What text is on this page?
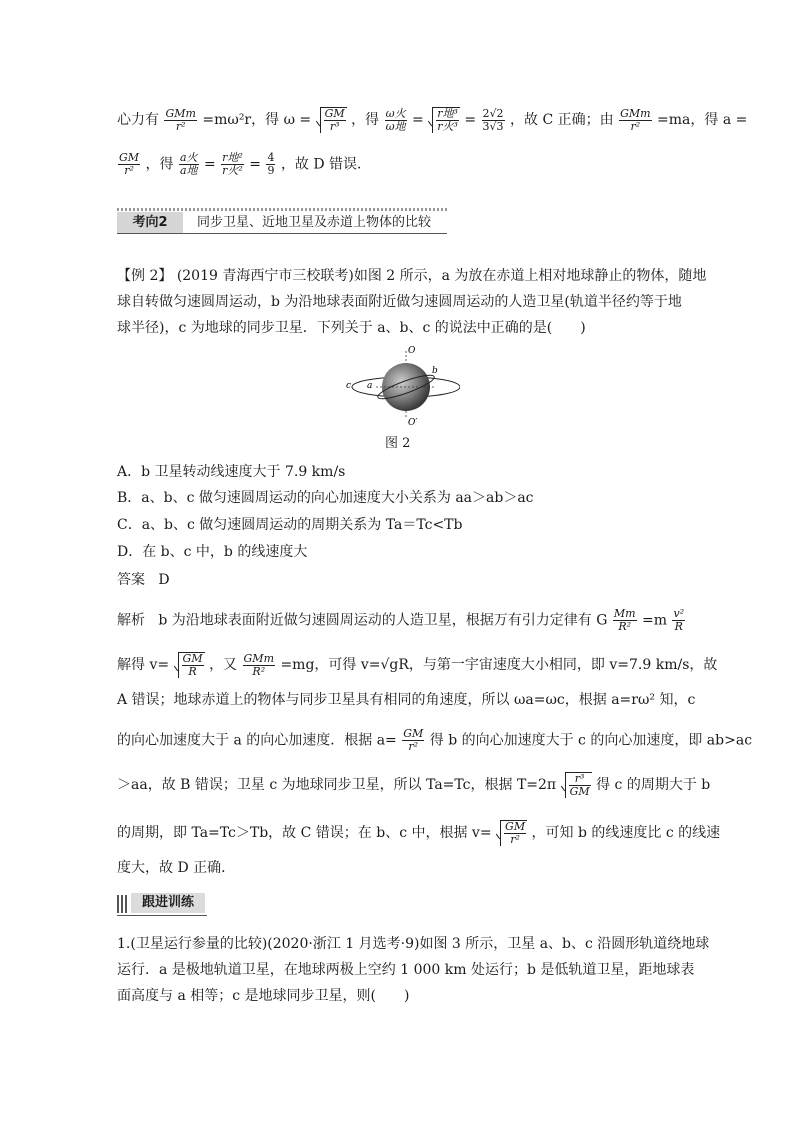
心力有 $\frac{\text{GMm}}{\text{r²}} =m\omega^2r$，得 $\omega = \frac{GM}{\text{r³}}$ ，得 $\frac{\text{ω火}}{\text{ω地}} = \frac{\text{r地³}}{\text{r火³}} = \frac{2√2}{3√3}$ ，故 C 正确；由 $\frac{\text{GMm}}{\text{r²}} =ma$，得 a =
$\frac{GM}{\text{r²}}$ ，得 $\frac{\text{a火}}{\text{a地}} = \frac{\text{r地²}}{\text{r火²}} = \frac{4}{9}$ ，故 D 错误．
考向2	同步卫星、近地卫星及赤道上物体的比较
【例 2】 (2019 青海西宁市三校联考)如图 2 所示，a 为放在赤道上相对地球静止的物体，随地
球自转做匀速圆周运动，b 为沿地球表面附近做匀速圆周运动的人造卫星(轨道半径约等于地
球半径)，c 为地球的同步卫星．下列关于 a、b、c 的说法中正确的是(　　)
O
O′
a
b
c
图 2
A．b 卫星转动线速度大于 7.9 km/s
B．a、b、c 做匀速圆周运动的向心加速度大小关系为 aa＞ab＞ac
C．a、b、c 做匀速圆周运动的周期关系为 Ta＝Tc<Tb
D．在 b、c 中，b 的线速度大
答案 D
解析 b 为沿地球表面附近做匀速圆周运动的人造卫星，根据万有引力定律有 G $\frac{Mm}{\text{R²}} =m \frac{\text{v²}}{R}$
解得 $v= \frac{GM}{R}$ ，又 $\frac{\text{GMm}}{\text{R²}} =mg$，可得 v=√gR，与第一宇宙速度大小相同，即 v=7.9 km/s，故
A 错误；地球赤道上的物体与同步卫星具有相同的角速度，所以 ωa=ωc，根据 a=rω² 知，c
的向心加速度大于 a 的向心加速度．根据 $a= \frac{GM}{\text{r²}}$ 得 b 的向心加速度大于 c 的向心加速度，即 ab>ac
＞aa，故 B 错误；卫星 c 为地球同步卫星，所以 Ta=Tc，根据 $T=2\pi \frac{\text{r³}}{GM}$ 得 c 的周期大于 b
的周期，即 Ta=Tc＞Tb，故 C 错误；在 b、c 中，根据 $v= \frac{GM}{\text{r²}}$ ，可知 b 的线速度比 c 的线速
度大，故 D 正确．
跟进训练
1.(卫星运行参量的比较)(2020·浙江 1 月选考·9)如图 3 所示，卫星 a、b、c 沿圆形轨道绕地球
运行．a 是极地轨道卫星，在地球两极上空约 1 000 km 处运行；b 是低轨道卫星，距地球表
面高度与 a 相等；c 是地球同步卫星，则(　　)
